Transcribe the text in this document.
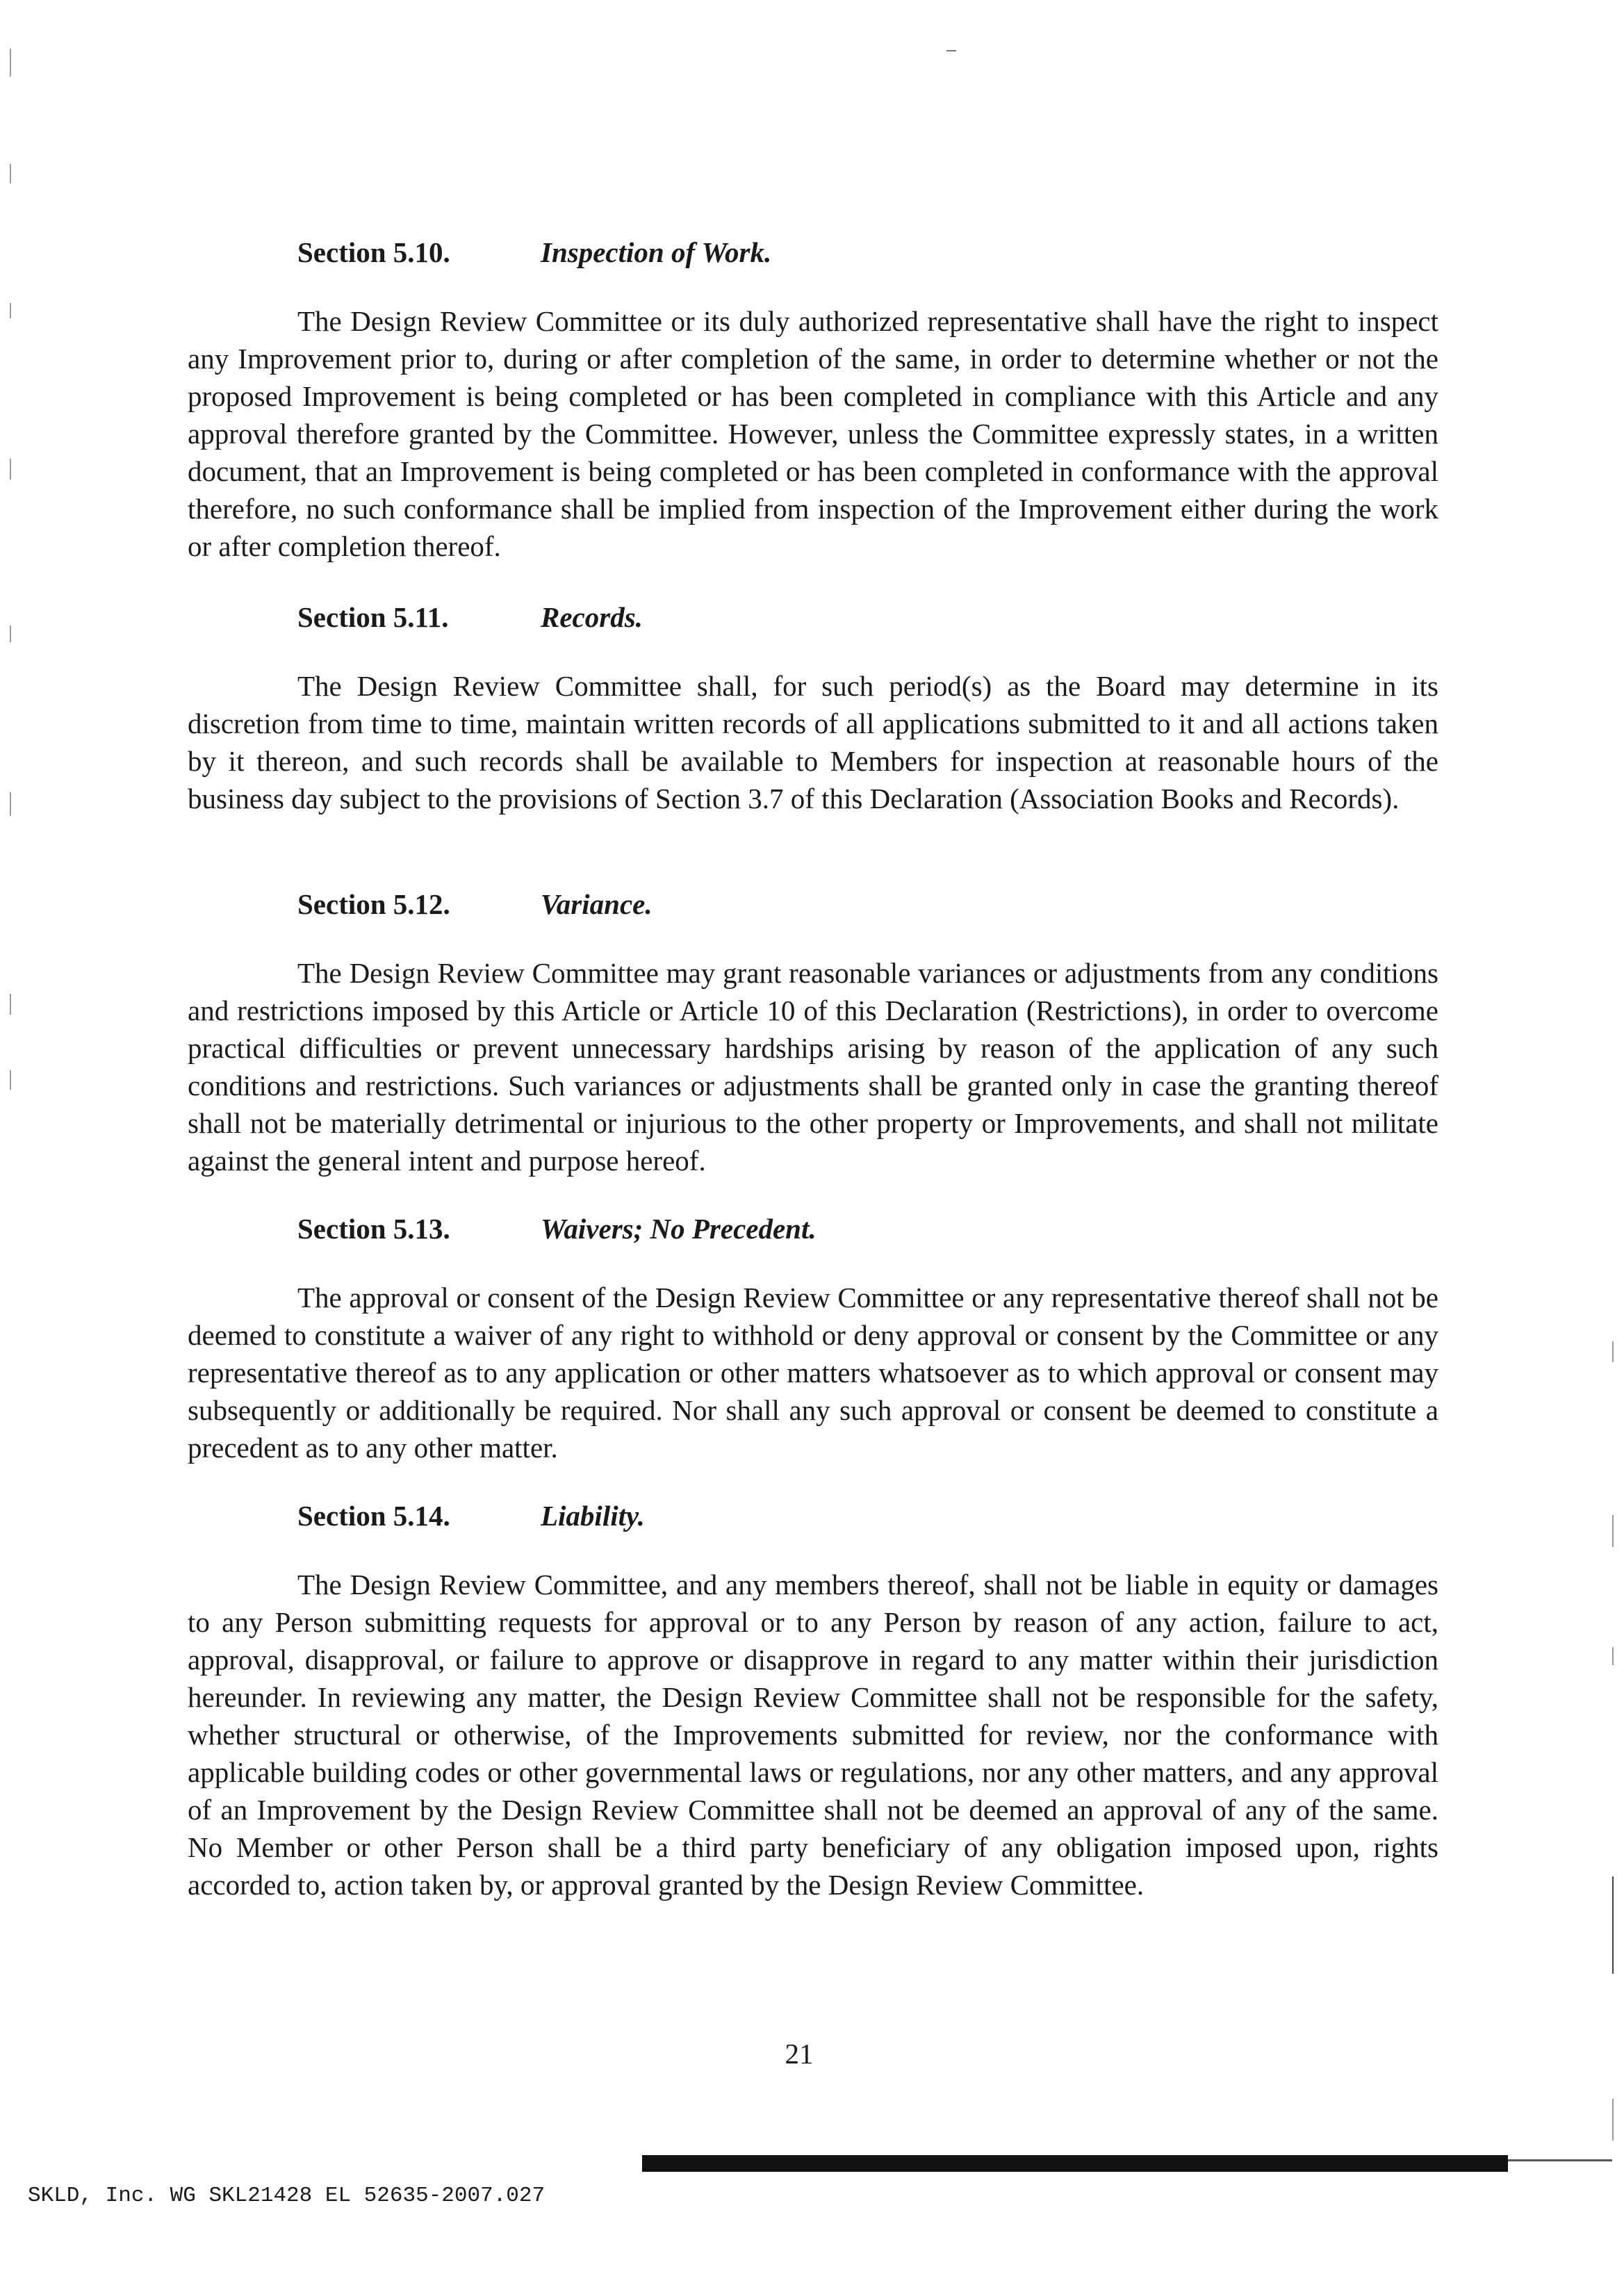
Section 5.10.	Inspection of Work.

The Design Review Committee or its duly authorized representative shall have the right to inspect any Improvement prior to, during or after completion of the same, in order to determine whether or not the proposed Improvement is being completed or has been completed in compliance with this Article and any approval therefore granted by the Committee. However, unless the Committee expressly states, in a written document, that an Improvement is being completed or has been completed in conformance with the approval therefore, no such conformance shall be implied from inspection of the Improvement either during the work or after completion thereof.

Section 5.11.	Records.

The Design Review Committee shall, for such period(s) as the Board may determine in its discretion from time to time, maintain written records of all applications submitted to it and all actions taken by it thereon, and such records shall be available to Members for inspection at reasonable hours of the business day subject to the provisions of Section 3.7 of this Declaration (Association Books and Records).

Section 5.12.	Variance.

The Design Review Committee may grant reasonable variances or adjustments from any conditions and restrictions imposed by this Article or Article 10 of this Declaration (Restrictions), in order to overcome practical difficulties or prevent unnecessary hardships arising by reason of the application of any such conditions and restrictions. Such variances or adjustments shall be granted only in case the granting thereof shall not be materially detrimental or injurious to the other property or Improvements, and shall not militate against the general intent and purpose hereof.

Section 5.13.	Waivers; No Precedent.

The approval or consent of the Design Review Committee or any representative thereof shall not be deemed to constitute a waiver of any right to withhold or deny approval or consent by the Committee or any representative thereof as to any application or other matters whatsoever as to which approval or consent may subsequently or additionally be required. Nor shall any such approval or consent be deemed to constitute a precedent as to any other matter.

Section 5.14.	Liability.

The Design Review Committee, and any members thereof, shall not be liable in equity or damages to any Person submitting requests for approval or to any Person by reason of any action, failure to act, approval, disapproval, or failure to approve or disapprove in regard to any matter within their jurisdiction hereunder. In reviewing any matter, the Design Review Committee shall not be responsible for the safety, whether structural or otherwise, of the Improvements submitted for review, nor the conformance with applicable building codes or other governmental laws or regulations, nor any other matters, and any approval of an Improvement by the Design Review Committee shall not be deemed an approval of any of the same. No Member or other Person shall be a third party beneficiary of any obligation imposed upon, rights accorded to, action taken by, or approval granted by the Design Review Committee.

21
SKLD, Inc. WG SKL21428 EL 52635-2007.027
